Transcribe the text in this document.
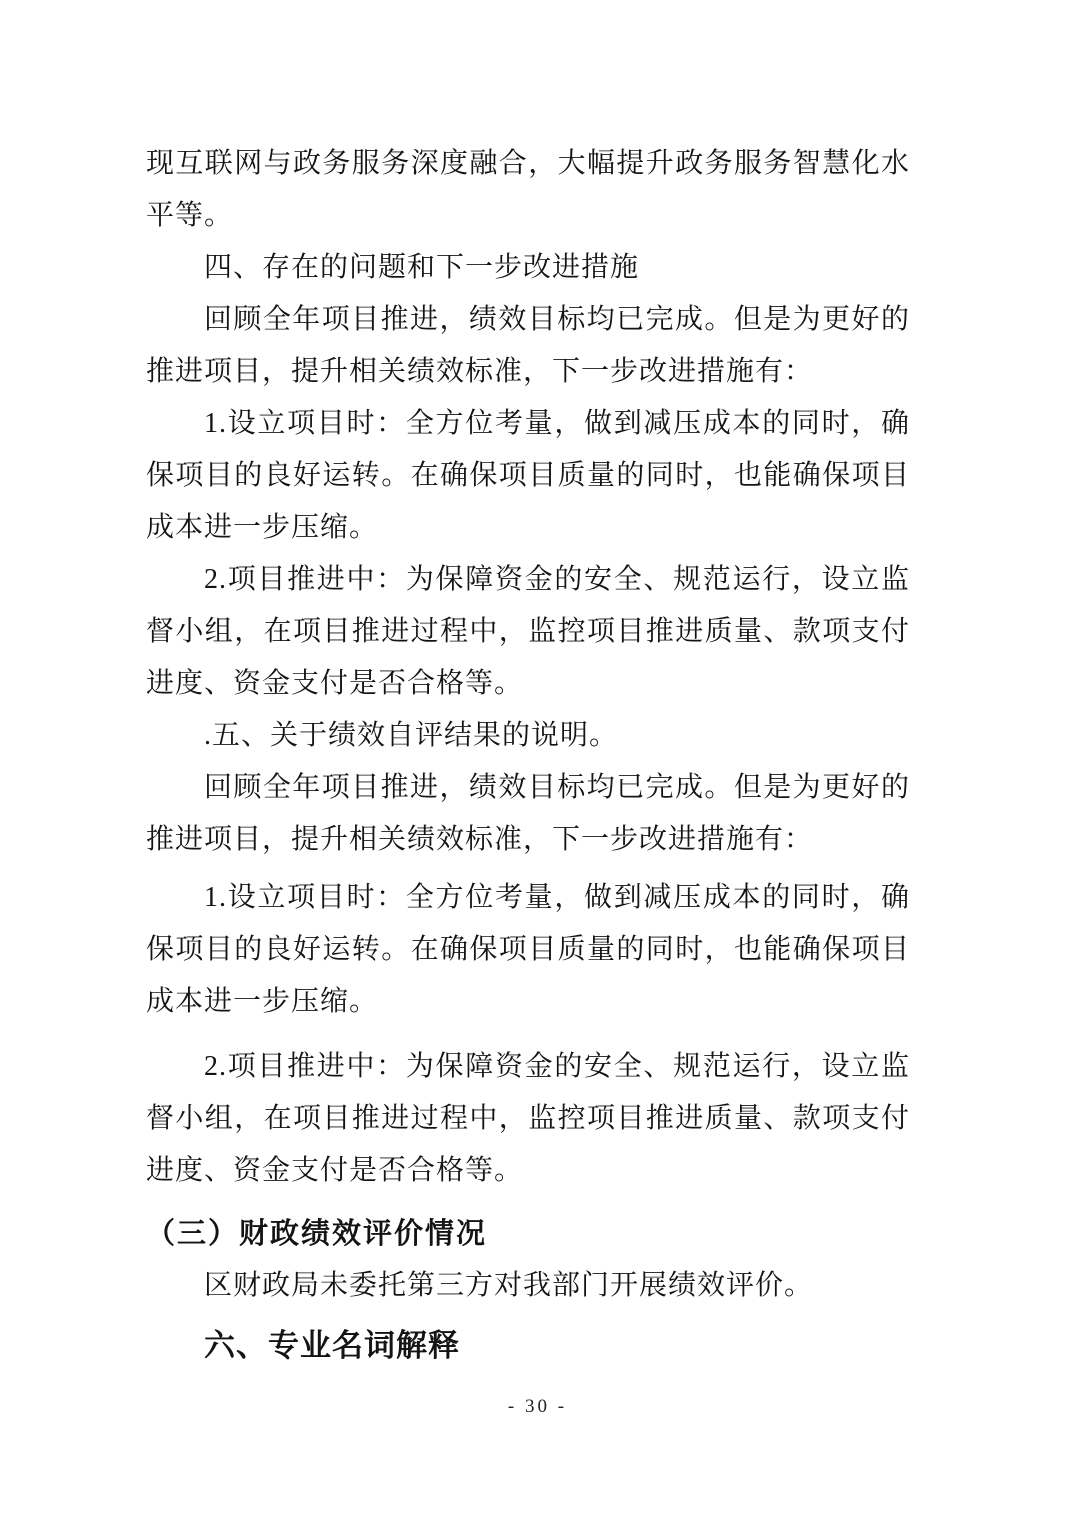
现互联网与政务服务深度融合，大幅提升政务服务智慧化水
平等。
四、存在的问题和下一步改进措施
回顾全年项目推进，绩效目标均已完成。但是为更好的
推进项目，提升相关绩效标准，下一步改进措施有：
1.设立项目时：全方位考量，做到减压成本的同时，确
保项目的良好运转。在确保项目质量的同时，也能确保项目
成本进一步压缩。
2.项目推进中：为保障资金的安全、规范运行，设立监
督小组，在项目推进过程中，监控项目推进质量、款项支付
进度、资金支付是否合格等。
.五、关于绩效自评结果的说明。
回顾全年项目推进，绩效目标均已完成。但是为更好的
推进项目，提升相关绩效标准，下一步改进措施有：
1.设立项目时：全方位考量，做到减压成本的同时，确
保项目的良好运转。在确保项目质量的同时，也能确保项目
成本进一步压缩。
2.项目推进中：为保障资金的安全、规范运行，设立监
督小组，在项目推进过程中，监控项目推进质量、款项支付
进度、资金支付是否合格等。
（三）财政绩效评价情况
区财政局未委托第三方对我部门开展绩效评价。
六、专业名词解释
- 30 -
